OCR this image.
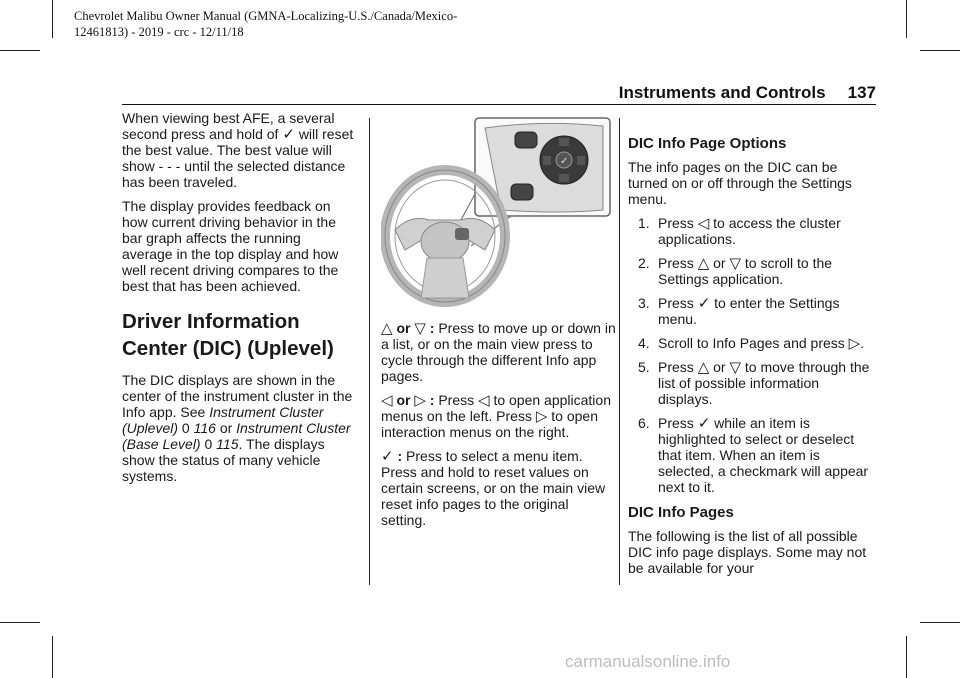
Chevrolet Malibu Owner Manual (GMNA-Localizing-U.S./Canada/Mexico-
12461813) - 2019 - crc - 12/11/18
Instruments and Controls 137

When viewing best AFE, a several second press and hold of ✓ will reset the best value. The best value will show - - - until the selected distance has been traveled.

The display provides feedback on how current driving behavior in the bar graph affects the running average in the top display and how well recent driving compares to the best that has been achieved.

Driver Information Center (DIC) (Uplevel)

The DIC displays are shown in the center of the instrument cluster in the Info app. See Instrument Cluster (Uplevel) 0 116 or Instrument Cluster (Base Level) 0 115. The displays show the status of many vehicle systems.

✓

△ or ▽ : Press to move up or down in a list, or on the main view press to cycle through the different Info app pages.

◁ or ▷ : Press ◁ to open application menus on the left. Press ▷ to open interaction menus on the right.

✓ : Press to select a menu item. Press and hold to reset values on certain screens, or on the main view reset info pages to the original setting.

DIC Info Page Options

The info pages on the DIC can be turned on or off through the Settings menu.

1. Press ◁ to access the cluster applications.
2. Press △ or ▽ to scroll to the Settings application.
3. Press ✓ to enter the Settings menu.
4. Scroll to Info Pages and press ▷.
5. Press △ or ▽ to move through the list of possible information displays.
6. Press ✓ while an item is highlighted to select or deselect that item. When an item is selected, a checkmark will appear next to it.
DIC Info Pages

The following is the list of all possible DIC info page displays. Some may not be available for your

carmanualsonline.info
